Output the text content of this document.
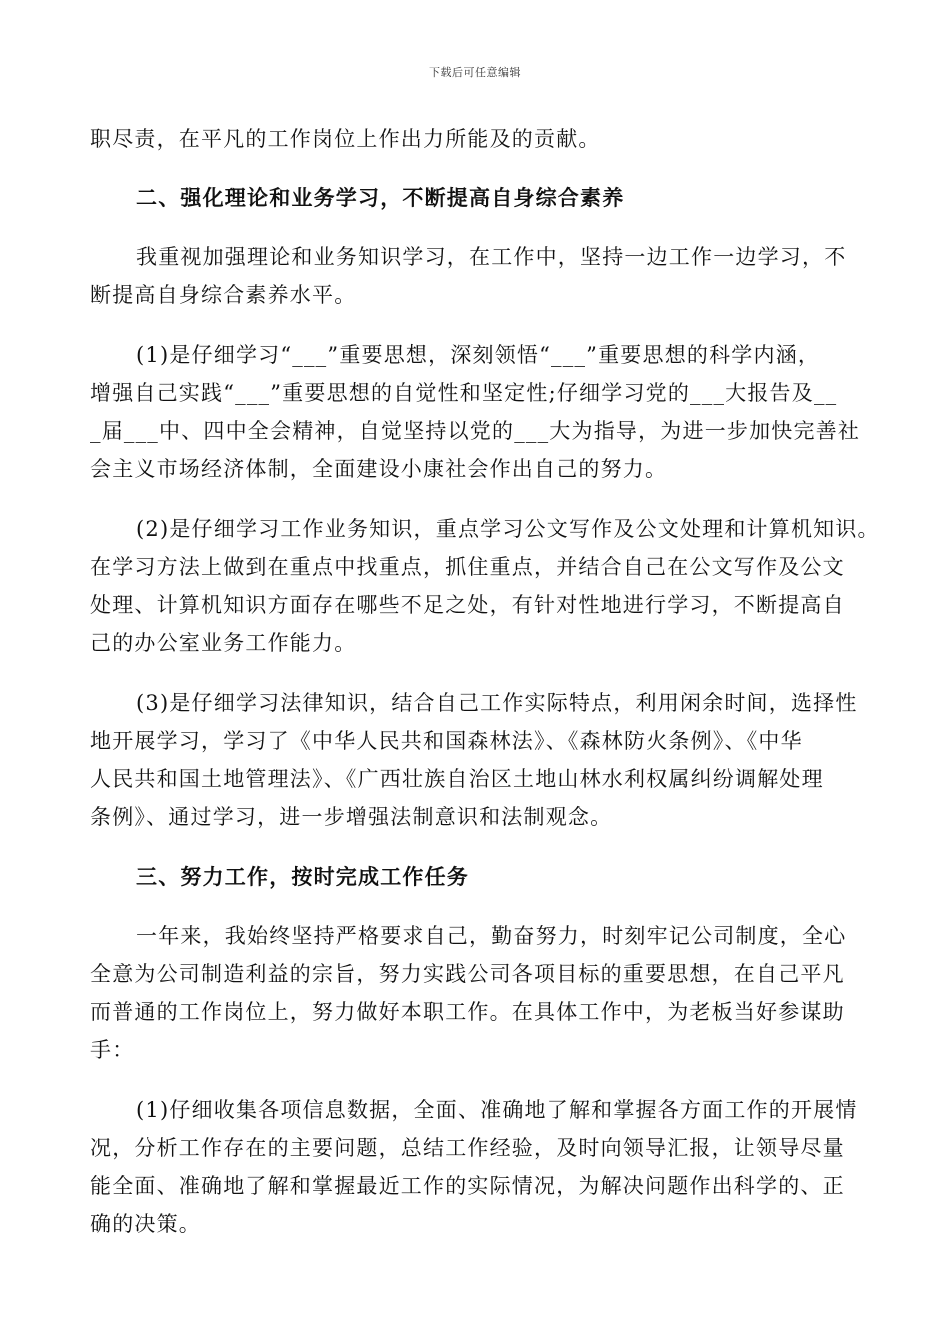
下载后可任意编辑
职尽责，在平凡的工作岗位上作出力所能及的贡献。
二、强化理论和业务学习，不断提高自身综合素养
我重视加强理论和业务知识学习，在工作中，坚持一边工作一边学习，不
断提高自身综合素养水平。
(1)是仔细学习“___”重要思想，深刻领悟“___”重要思想的科学内涵，
增强自己实践“___”重要思想的自觉性和坚定性;仔细学习党的___大报告及__
_届___中、四中全会精神，自觉坚持以党的___大为指导，为进一步加快完善社
会主义市场经济体制，全面建设小康社会作出自己的努力。
(2)是仔细学习工作业务知识，重点学习公文写作及公文处理和计算机知识。
在学习方法上做到在重点中找重点，抓住重点，并结合自己在公文写作及公文
处理、计算机知识方面存在哪些不足之处，有针对性地进行学习，不断提高自
己的办公室业务工作能力。
(3)是仔细学习法律知识，结合自己工作实际特点，利用闲余时间，选择性
地开展学习，学习了《中华人民共和国森林法》、《森林防火条例》、《中华
人民共和国土地管理法》、《广西壮族自治区土地山林水利权属纠纷调解处理
条例》、通过学习，进一步增强法制意识和法制观念。
三、努力工作，按时完成工作任务
一年来，我始终坚持严格要求自己，勤奋努力，时刻牢记公司制度，全心
全意为公司制造利益的宗旨，努力实践公司各项目标的重要思想，在自己平凡
而普通的工作岗位上，努力做好本职工作。在具体工作中，为老板当好参谋助
手：
(1)仔细收集各项信息数据，全面、准确地了解和掌握各方面工作的开展情
况，分析工作存在的主要问题，总结工作经验，及时向领导汇报，让领导尽量
能全面、准确地了解和掌握最近工作的实际情况，为解决问题作出科学的、正
确的决策。
